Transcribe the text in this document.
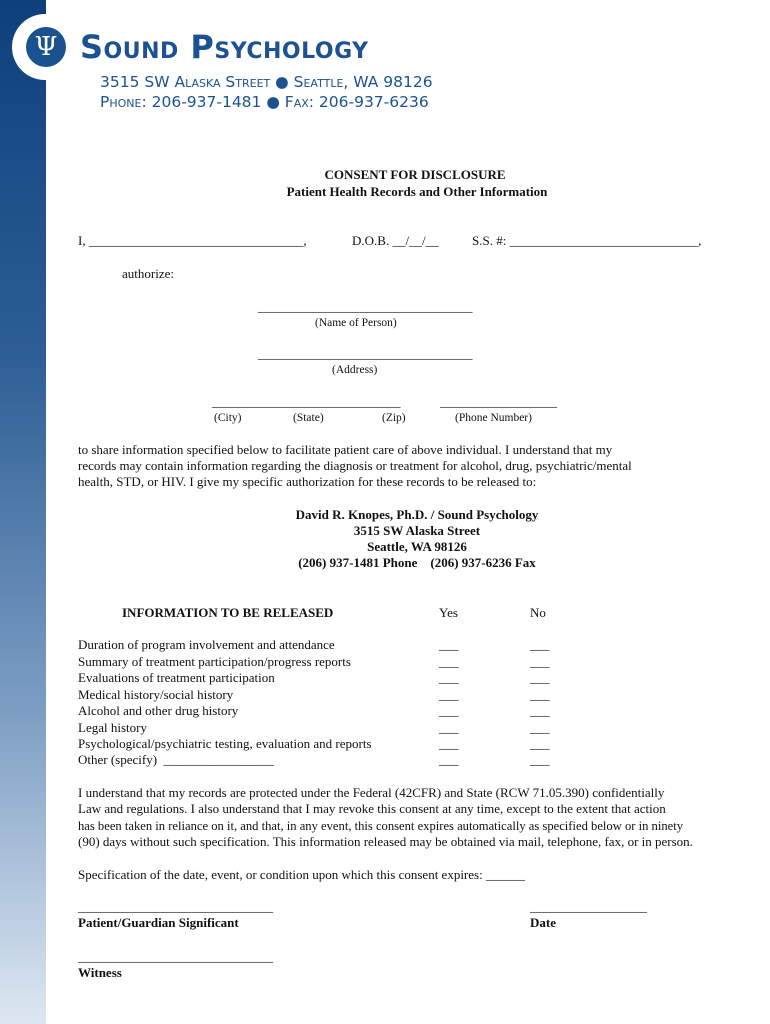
Ψ Sound Psychology
3515 SW Alaska Street ● Seattle, WA 98126
Phone: 206-937-1481 ● Fax: 206-937-6236
CONSENT FOR DISCLOSURE
Patient Health Records and Other Information
I, _________________________________,	D.O.B. __/__/__	S.S. #: _____________________________,
authorize:
_________________________________
(Name of Person)
_________________________________
(Address)
_____________________________	__________________
(City)	(State)	(Zip)	(Phone Number)
to share information specified below to facilitate patient care of above individual. I understand that my
records may contain information regarding the diagnosis or treatment for alcohol, drug, psychiatric/mental
health, STD, or HIV. I give my specific authorization for these records to be released to:
David R. Knopes, Ph.D. / Sound Psychology
3515 SW Alaska Street
Seattle, WA 98126
(206) 937-1481 Phone    (206) 937-6236 Fax
INFORMATION TO BE RELEASED	Yes	No
Duration of program involvement and attendance	___	___
Summary of treatment participation/progress reports	___	___
Evaluations of treatment participation	___	___
Medical history/social history	___	___
Alcohol and other drug history	___	___
Legal history	___	___
Psychological/psychiatric testing, evaluation and reports	___	___
Other (specify)  _________________	___	___
I understand that my records are protected under the Federal (42CFR) and State (RCW 71.05.390) confidentially
Law and regulations. I also understand that I may revoke this consent at any time, except to the extent that action
has been taken in reliance on it, and that, in any event, this consent expires automatically as specified below or in ninety
(90) days without such specification. This information released may be obtained via mail, telephone, fax, or in person.
Specification of the date, event, or condition upon which this consent expires: ______
______________________________
Patient/Guardian Significant
__________________
Date
______________________________
Witness
